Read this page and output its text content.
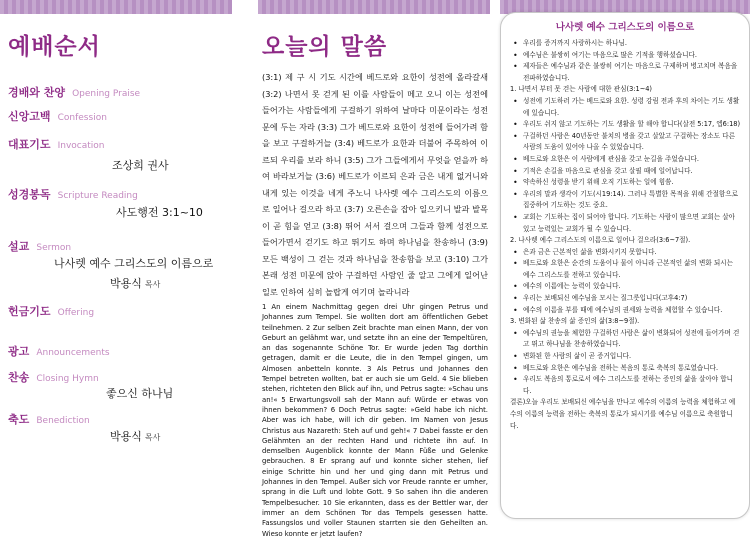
예배순서
경배와 찬양 Opening Praise
신앙고백 Confession
대표기도 Invocation
조상희 권사
성경봉독 Scripture Reading
사도행전 3:1~10
설교 Sermon
나사렛 예수 그리스도의 이름으로
박용식 목사
헌금기도 Offering
광고 Announcements
찬송 Closing Hymn
좋으신 하나님
축도 Benediction
박용식 목사
오늘의 말씀

(3:1) 제 구 시 기도 시간에 베드로와 요한이 성전에 올라갈새 (3:2) 나면서 못 걷게 된 이를 사람들이 메고 오니 이는 성전에 들어가는 사람들에게 구걸하기 위하여 날마다 미문이라는 성전 문에 두는 자라 (3:3) 그가 베드로와 요한이 성전에 들어가려 함을 보고 구걸하거늘 (3:4) 베드로가 요한과 더불어 주목하여 이르되 우리를 보라 하니 (3:5) 그가 그들에게서 무엇을 얻을까 하여 바라보거늘 (3:6) 베드로가 이르되 은과 금은 내게 없거니와 내게 있는 이것을 네게 주노니 나사렛 예수 그리스도의 이름으로 일어나 걸으라 하고 (3:7) 오른손을 잡아 일으키니 발과 발목이 곧 힘을 얻고 (3:8) 뛰어 서서 걸으며 그들과 함께 성전으로 들어가면서 걷기도 하고 뛰기도 하며 하나님을 찬송하니 (3:9) 모든 백성이 그 걷는 것과 하나님을 찬송함을 보고 (3:10) 그가 본래 성전 미문에 앉아 구걸하던 사람인 줄 알고 그에게 일어난 일로 인하여 심히 놀랍게 여기며 놀라니라

1 An einem Nachmittag gegen drei Uhr gingen Petrus und Johannes zum Tempel. Sie wollten dort am öffentlichen Gebet teilnehmen. 2 Zur selben Zeit brachte man einen Mann, der von Geburt an gelähmt war, und setzte ihn an eine der Tempeltüren, an das sogenannte Schöne Tor. Er wurde jeden Tag dorthin getragen, damit er die Leute, die in den Tempel gingen, um Almosen anbetteln konnte. 3 Als Petrus und Johannes den Tempel betreten wollten, bat er auch sie um Geld. 4 Sie blieben stehen, richteten den Blick auf ihn, und Petrus sagte: »Schau uns an!« 5 Erwartungsvoll sah der Mann auf: Würde er etwas von ihnen bekommen? 6 Doch Petrus sagte: »Geld habe ich nicht. Aber was ich habe, will ich dir geben. Im Namen von Jesus Christus aus Nazareth: Steh auf und geh!« 7 Dabei fasste er den Gelähmten an der rechten Hand und richtete ihn auf. In demselben Augenblick konnte der Mann Füße und Gelenke gebrauchen. 8 Er sprang auf und konnte sicher stehen, lief einige Schritte hin und her und ging dann mit Petrus und Johannes in den Tempel. Außer sich vor Freude rannte er umher, sprang in die Luft und lobte Gott. 9 So sahen ihn die anderen Tempelbesucher. 10 Sie erkannten, dass es der Bettler war, der immer an dem Schönen Tor das Tempels gesessen hatte. Fassungslos und voller Staunen starrten sie den Geheilten an. Wieso konnte er jetzt laufen?

나사렛 예수 그리스도의 이름으로
• 우리를 증거까지 사랑하시는 하나님.
• 예수님은 불쌍히 여기는 마음으로 많은 기적을 행하셨습니다.
• 제자들은 예수님과 같은 불쌍히 여기는 마음으로 구제하며 병고치며 복음을 전파하였습니다.
1. 나면서 부터 못 걷는 사람에 대한 관심(3:1~4)
• 성전에 기도하러 가는 베드로와 요한. 성령 강림 전과 후의 차이는 기도 생활에 있습니다.
• 우리도 쉬지 않고 기도하는 기도 생활을 할 해야 합니다(살전 5:17, 엡6:18)
• 구걸하던 사람은 40년동안 불치의 병을 갖고 살았고 구걸하는 장소도 다른 사람의 도움이 있어야 나올 수 있었습니다.
• 베드로와 요한은 이 사람에게 관심을 갖고 눈길을 주었습니다.
• 기적은 손길을 마음으로 관심을 갖고 살필 때에 일어납니다.
• 약속하신 성령을 받기 위해 오직 기도하는 일에 힘씀.
• 우리의 말과 생각이 기도(시19:14). 그러나 특별한 목적을 위해 간절함으로 집중하여 기도하는 것도 중요.
• 교회는 기도하는 집이 되어야 합니다. 기도하는 사람이 많으면 교회는 살아있고 능력있는 교회가 될 수 있습니다.
2. 나사렛 예수 그리스도의 이름으로 일어나 걸으라(3:6~7절).
• 은과 금은 근본적인 삶을 변화시키지 못합니다.
• 베드로와 요한은 순간의 도움이나 물이 아니라 근본적인 삶의 변화 되시는 예수 그리스도를 전하고 있습니다.
• 예수의 이름에는 능력이 있습니다.
• 우리는 보배되신 예수님을 모시는 질그릇입니다(고후4:7)
• 예수의 이름을 부를 때에 예수님의 권세와 능력을 체험할 수 있습니다.
3. 변화된 삶 찬송의 삶 증인의 삶(3:8~9절).
• 예수님의 권능을 체험한 구걸하던 사람은 삶이 변화되어 성전에 들어가며 걷고 뛰고 하나님을 찬송하였습니다.
• 변화된 한 사람의 삶이 곧 증거입니다.
• 베드로와 요한은 예수님을 전하는 복음의 통로 축복의 통로였습니다.
• 우리도 복음의 통로로서 예수 그리스도를 전하는 증인의 삶을 살아야 합니다.
결론)오늘 우리도 보배되신 예수님을 만나고 예수의 이름의 능력을 체험하고 예수의 이름의 능력을 전하는 축복의 통로가 되시기를 예수님 이름으로 축원합니다.
